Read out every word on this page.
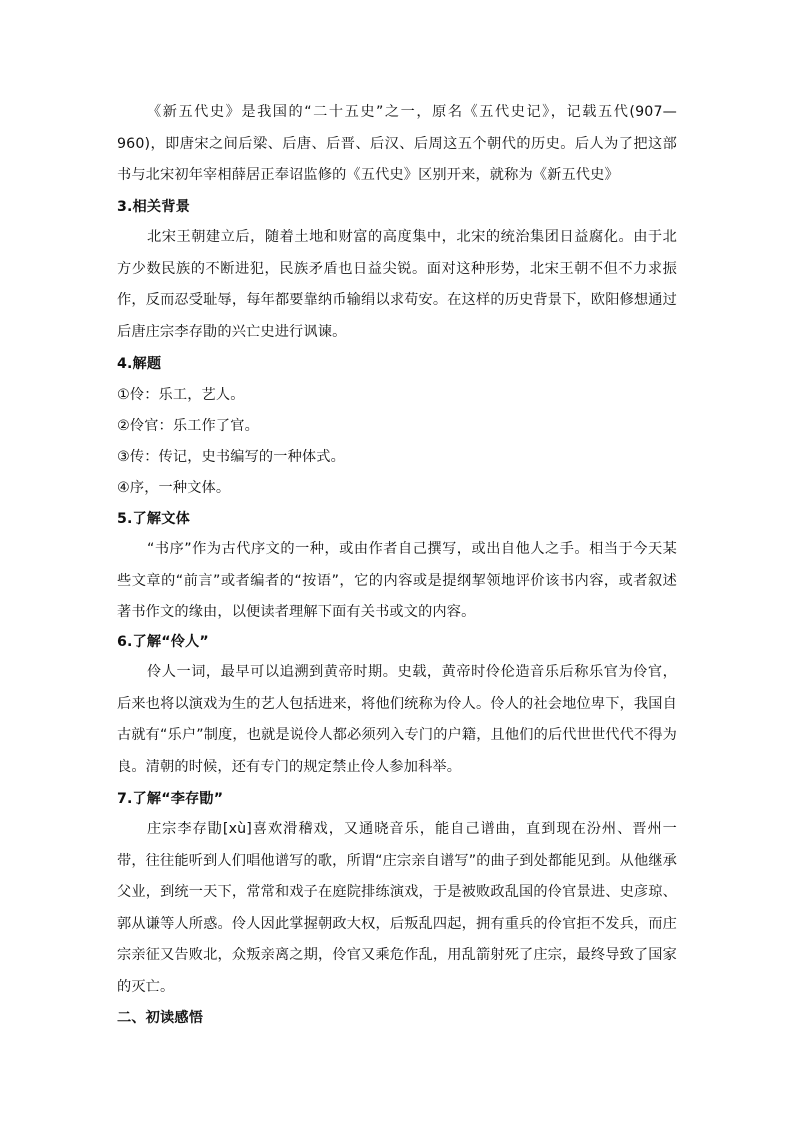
《新五代史》是我国的“二十五史”之一，原名《五代史记》，记载五代(907—960)，即唐宋之间后梁、后唐、后晋、后汉、后周这五个朝代的历史。后人为了把这部书与北宋初年宰相薛居正奉诏监修的《五代史》区别开来，就称为《新五代史》
3.相关背景
北宋王朝建立后，随着土地和财富的高度集中，北宋的统治集团日益腐化。由于北方少数民族的不断进犯，民族矛盾也日益尖锐。面对这种形势，北宋王朝不但不力求振作，反而忍受耻辱，每年都要靠纳币输绢以求苟安。在这样的历史背景下，欧阳修想通过后唐庄宗李存勖的兴亡史进行讽谏。
4.解题
①伶：乐工，艺人。
②伶官：乐工作了官。
③传：传记，史书编写的一种体式。
④序，一种文体。
5.了解文体
“书序”作为古代序文的一种，或由作者自己撰写，或出自他人之手。相当于今天某些文章的“前言”或者编者的“按语”，它的内容或是提纲挈领地评价该书内容，或者叙述著书作文的缘由，以便读者理解下面有关书或文的内容。
6.了解“伶人”
伶人一词，最早可以追溯到黄帝时期。史载，黄帝时伶伦造音乐后称乐官为伶官，后来也将以演戏为生的艺人包括进来，将他们统称为伶人。伶人的社会地位卑下，我国自古就有“乐户”制度，也就是说伶人都必须列入专门的户籍，且他们的后代世世代代不得为良。清朝的时候，还有专门的规定禁止伶人参加科举。
7.了解“李存勖”
庄宗李存勖[xù]喜欢滑稽戏，又通晓音乐，能自己谱曲，直到现在汾州、晋州一带，往往能听到人们唱他谱写的歌，所谓“庄宗亲自谱写”的曲子到处都能见到。从他继承父业，到统一天下，常常和戏子在庭院排练演戏，于是被败政乱国的伶官景进、史彦琼、郭从谦等人所惑。伶人因此掌握朝政大权，后叛乱四起，拥有重兵的伶官拒不发兵，而庄宗亲征又告败北，众叛亲离之期，伶官又乘危作乱，用乱箭射死了庄宗，最终导致了国家的灭亡。
二、初读感悟
